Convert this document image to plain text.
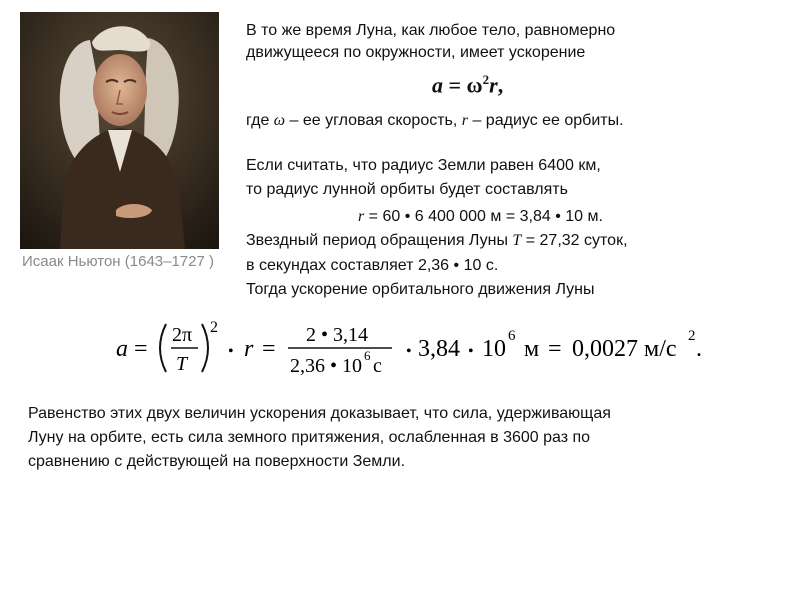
Исаак Ньютон (1643–1727 )
В то же время Луна, как любое тело, равномерно
движущееся по окружности, имеет ускорение
$a = \omega^2r$,
где ω – ее угловая скорость, r – радиус ее орбиты.
Если считать, что радиус Земли равен 6400 км,
то радиус лунной орбиты будет составлять
r = 60 • 6 400 000 м = 3,84 • 10 м.
Звездный период обращения Луны T = 27,32 суток,
в секундах составляет 2,36 • 10 с.
Тогда ускорение орбитального движения Луны
a =
2π
T
2
• r =
2 • 3,14
2,36 • 10 6 с
• 3,84 • 10 6 м = 0,0027 м/с 2 .
Равенство этих двух величин ускорения доказывает, что сила, удерживающая
Луну на орбите, есть сила земного притяжения, ослабленная в 3600 раз по
сравнению с действующей на поверхности Земли.
